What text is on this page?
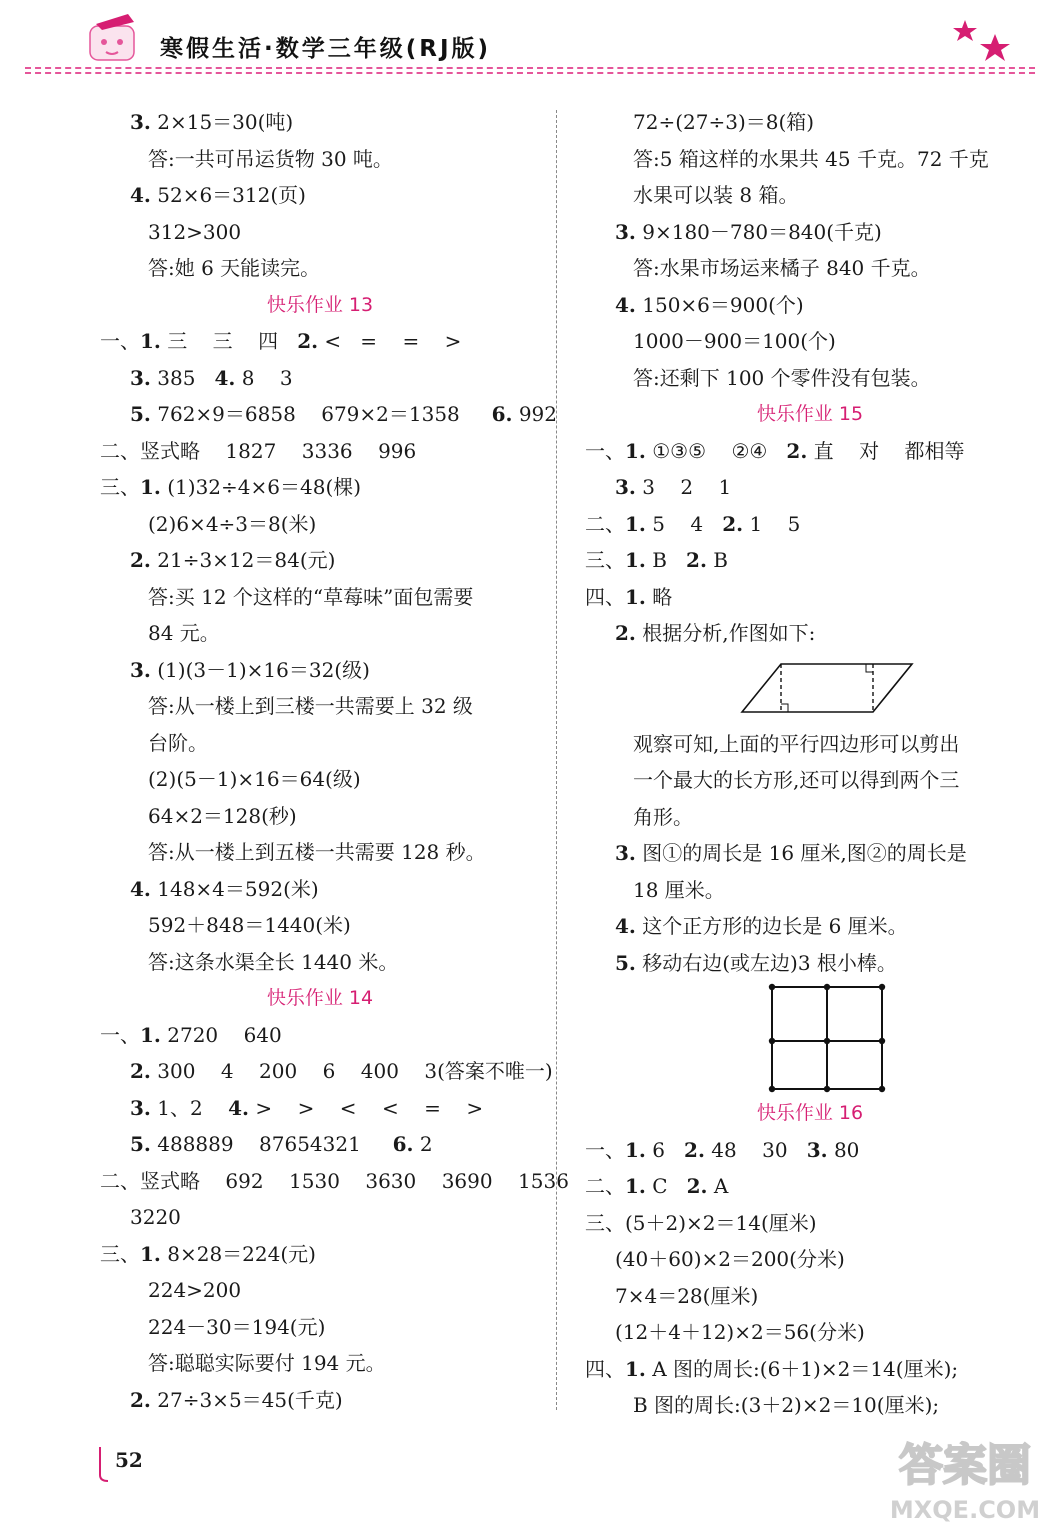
寒假生活·数学三年级(RJ版)
3. 2×15＝30(吨)
答:一共可吊运货物 30 吨。
4. 52×6＝312(页)
312>300
答:她 6 天能读完。
快乐作业 13
一、1. 三    三    四   2. <   =    =    >
3. 385   4. 8    3
5. 762×9＝6858    679×2＝1358     6. 992
二、竖式略    1827    3336    996
三、1. (1)32÷4×6＝48(棵)
(2)6×4÷3＝8(米)
2. 21÷3×12＝84(元)
答:买 12 个这样的“草莓味”面包需要
84 元。
3. (1)(3－1)×16＝32(级)
答:从一楼上到三楼一共需要上 32 级
台阶。
(2)(5－1)×16＝64(级)
64×2＝128(秒)
答:从一楼上到五楼一共需要 128 秒。
4. 148×4＝592(米)
592＋848＝1440(米)
答:这条水渠全长 1440 米。
快乐作业 14
一、1. 2720    640
2. 300    4    200    6    400    3(答案不唯一)
3. 1、2    4. >    >    <    <    =    >
5. 488889    87654321     6. 2
二、竖式略    692    1530    3630    3690    1536
3220
三、1. 8×28＝224(元)
224>200
224－30＝194(元)
答:聪聪实际要付 194 元。
2. 27÷3×5＝45(千克)
72÷(27÷3)＝8(箱)
答:5 箱这样的水果共 45 千克。72 千克
水果可以装 8 箱。
3. 9×180－780＝840(千克)
答:水果市场运来橘子 840 千克。
4. 150×6＝900(个)
1000－900＝100(个)
答:还剩下 100 个零件没有包装。
快乐作业 15
一、1. ①③⑤    ②④   2. 直    对    都相等
3. 3    2    1
二、1. 5    4   2. 1    5
三、1. B   2. B
四、1. 略
2. 根据分析,作图如下:
观察可知,上面的平行四边形可以剪出
一个最大的长方形,还可以得到两个三
角形。
3. 图①的周长是 16 厘米,图②的周长是
18 厘米。
4. 这个正方形的边长是 6 厘米。
5. 移动右边(或左边)3 根小棒。
快乐作业 16
一、1. 6   2. 48    30   3. 80
二、1. C   2. A
三、(5＋2)×2＝14(厘米)
(40＋60)×2＝200(分米)
7×4＝28(厘米)
(12＋4＋12)×2＝56(分米)
四、1. A 图的周长:(6＋1)×2＝14(厘米);
B 图的周长:(3＋2)×2＝10(厘米);
52	答案圈
MXQE.COM
